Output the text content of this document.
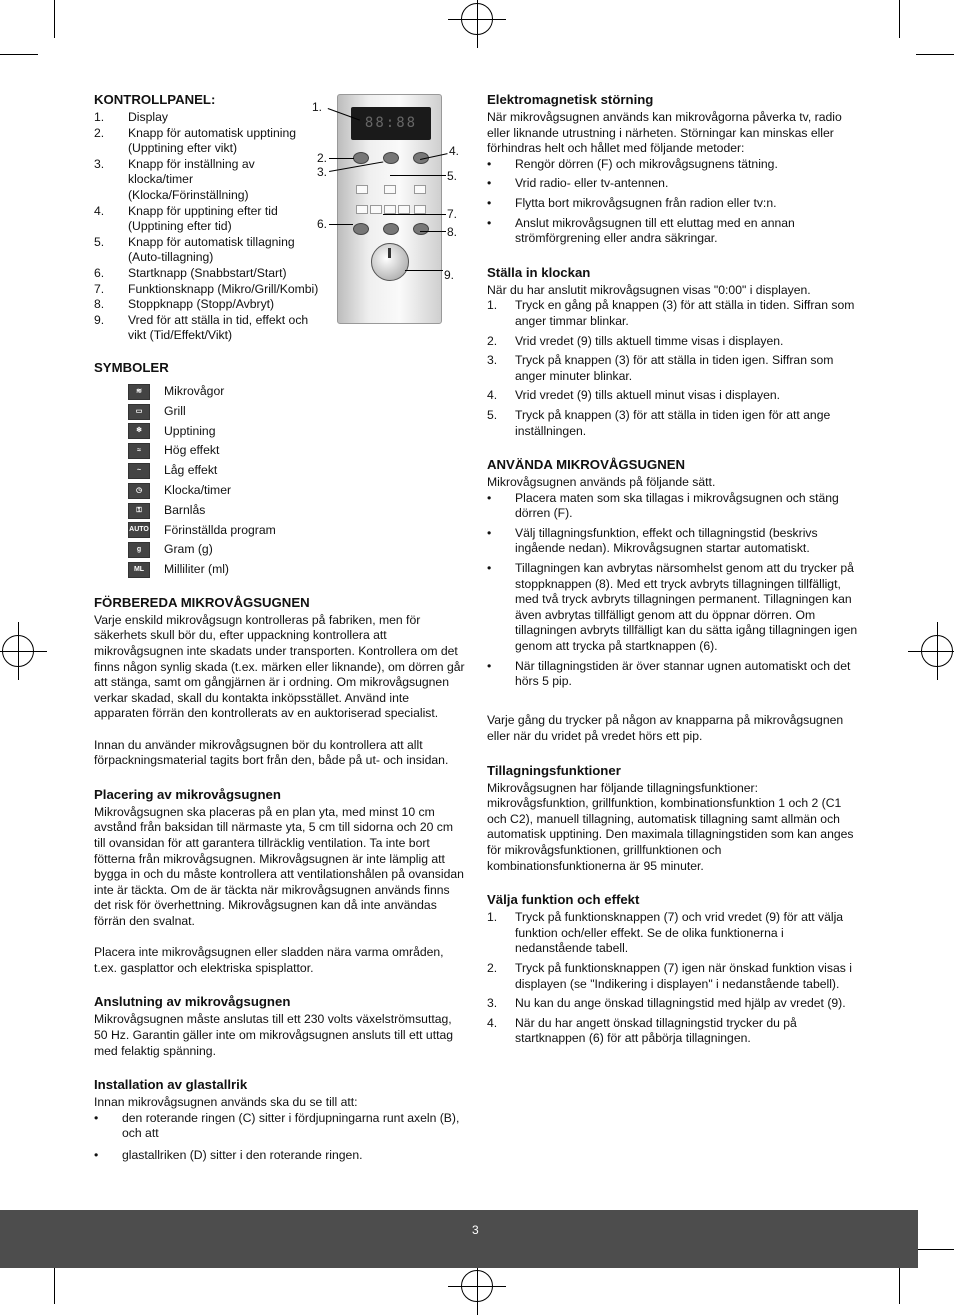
88:88
1.
2.
3.
4.
5.
6.
7.
8.
9.
KONTROLLPANEL:
1.	Display
2.	Knapp för automatisk upptining
(Upptining efter vikt)
3.	Knapp för inställning av
klocka/timer
(Klocka/Förinställning)
4.	Knapp för upptining efter tid
(Upptining efter tid)
5.	Knapp för automatisk tillagning
(Auto-tillagning)
6.	Startknapp (Snabbstart/Start)
7.	Funktionsknapp (Mikro/Grill/Kombi)
8.	Stoppknapp (Stopp/Avbryt)
9.	Vred för att ställa in tid, effekt och
vikt (Tid/Effekt/Vikt)
SYMBOLER
≋	Mikrovågor
▭	Grill
❄	Upptining
≈	Hög effekt
~	Låg effekt
◷	Klocka/timer
⚿	Barnlås
AUTO Förinställda program
g	Gram (g)
ML	Milliliter (ml)
FÖRBEREDA MIKROVÅGSUGNEN

Varje enskild mikrovågsugn kontrolleras på fabriken, men för säkerhets skull bör du, efter uppackning kontrollera att mikrovågsugnen inte skadats under transporten. Kontrollera om det finns någon synlig skada (t.ex. märken eller liknande), om dörren går att stänga, samt om gångjärnen är i ordning. Om mikrovågsugnen verkar skadad, skall du kontakta inköpsstället. Använd inte apparaten förrän den kontrollerats av en auktoriserad specialist.

Innan du använder mikrovågsugnen bör du kontrollera att allt förpackningsmaterial tagits bort från den, både på ut- och insidan.

Placering av mikrovågsugnen

Mikrovågsugnen ska placeras på en plan yta, med minst 10 cm avstånd från baksidan till närmaste yta, 5 cm till sidorna och 20 cm till ovansidan för att garantera tillräcklig ventilation. Ta inte bort fötterna från mikrovågsugnen. Mikrovågsugnen är inte lämplig att bygga in och du måste kontrollera att ventilationshålen på ovansidan inte är täckta. Om de är täckta när mikrovågsugnen används finns det risk för överhettning. Mikrovågsugnen kan då inte användas förrän den svalnat.

Placera inte mikrovågsugnen eller sladden nära varma områden, t.ex. gasplattor och elektriska spisplattor.

Anslutning av mikrovågsugnen

Mikrovågsugnen måste anslutas till ett 230 volts växelströmsuttag, 50 Hz. Garantin gäller inte om mikrovågsugnen ansluts till ett uttag med felaktig spänning.

Installation av glastallrik

Innan mikrovågsugnen används ska du se till att:

•	den roterande ringen (C) sitter i fördjupningarna runt axeln (B), och att
•	glastallriken (D) sitter i den roterande ringen.
Elektromagnetisk störning

När mikrovågsugnen används kan mikrovågorna påverka tv, radio eller liknande utrustning i närheten. Störningar kan minskas eller förhindras helt och hållet med följande metoder:

•	Rengör dörren (F) och mikrovågsugnens tätning.
•	Vrid radio- eller tv-antennen.
•	Flytta bort mikrovågsugnen från radion eller tv:n.
•	Anslut mikrovågsugnen till ett eluttag med en annan strömförgrening eller andra säkringar.
Ställa in klockan

När du har anslutit mikrovågsugnen visas "0:00" i displayen.

1.	Tryck en gång på knappen (3) för att ställa in tiden. Siffran som anger timmar blinkar.
2.	Vrid vredet (9) tills aktuell timme visas i displayen.
3.	Tryck på knappen (3) för att ställa in tiden igen. Siffran som anger minuter blinkar.
4.	Vrid vredet (9) tills aktuell minut visas i displayen.
5.	Tryck på knappen (3) för att ställa in tiden igen för att ange inställningen.
ANVÄNDA MIKROVÅGSUGNEN

Mikrovågsugnen används på följande sätt.

•	Placera maten som ska tillagas i mikrovågsugnen och stäng dörren (F).
•	Välj tillagningsfunktion, effekt och tillagningstid (beskrivs ingående nedan). Mikrovågsugnen startar automatiskt.
•	Tillagningen kan avbrytas närsomhelst genom att du trycker på stoppknappen (8). Med ett tryck avbryts tillagningen tillfälligt, med två tryck avbryts tillagningen permanent. Tillagningen kan även avbrytas tillfälligt genom att du öppnar dörren. Om tillagningen avbryts tillfälligt kan du sätta igång tillagningen igen genom att trycka på startknappen (6).
•	När tillagningstiden är över stannar ugnen automatiskt och det hörs 5 pip.

Varje gång du trycker på någon av knapparna på mikrovågsugnen eller när du vridet på vredet hörs ett pip.

Tillagningsfunktioner

Mikrovågsugnen har följande tillagningsfunktioner: mikrovågsfunktion, grillfunktion, kombinationsfunktion 1 och 2 (C1 och C2), manuell tillagning, automatisk tillagning samt allmän och automatisk upptining. Den maximala tillagningstiden som kan anges för mikrovågsfunktionen, grillfunktionen och kombinationsfunktionerna är 95 minuter.

Välja funktion och effekt
1.	Tryck på funktionsknappen (7) och vrid vredet (9) för att välja funktion och/eller effekt. Se de olika funktionerna i nedanstående tabell.
2.	Tryck på funktionsknappen (7) igen när önskad funktion visas i displayen (se "Indikering i displayen" i nedanstående tabell).
3.	Nu kan du ange önskad tillagningstid med hjälp av vredet (9).
4.	När du har angett önskad tillagningstid trycker du på startknappen (6) för att påbörja tillagningen.
3
